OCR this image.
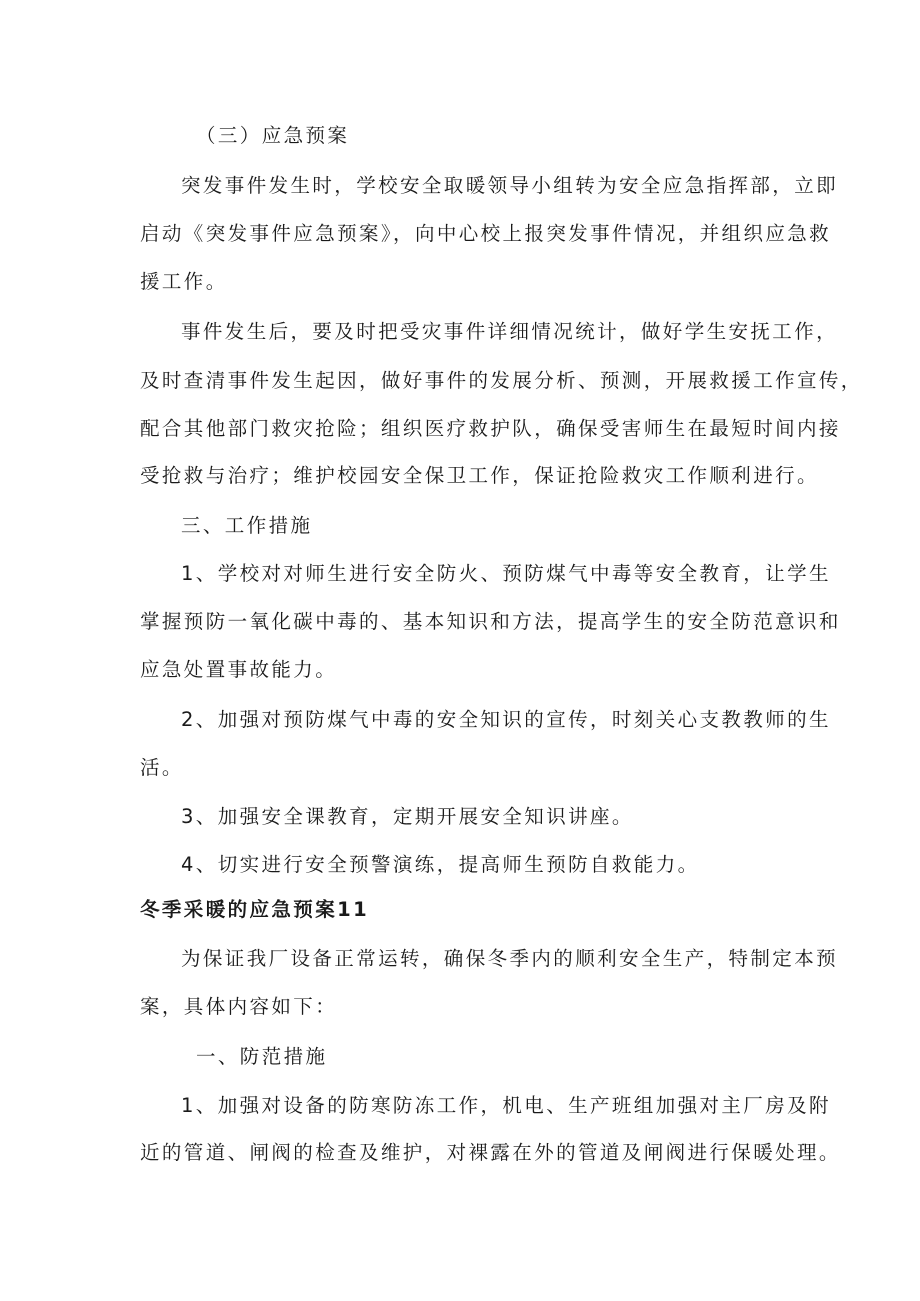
（三）应急预案
突发事件发生时，学校安全取暖领导小组转为安全应急指挥部，立即
启动《突发事件应急预案》，向中心校上报突发事件情况，并组织应急救
援工作。
事件发生后，要及时把受灾事件详细情况统计，做好学生安抚工作，
及时查清事件发生起因，做好事件的发展分析、预测，开展救援工作宣传，
配合其他部门救灾抢险；组织医疗救护队，确保受害师生在最短时间内接
受抢救与治疗；维护校园安全保卫工作，保证抢险救灾工作顺利进行。
三、工作措施
1、学校对对师生进行安全防火、预防煤气中毒等安全教育，让学生
掌握预防一氧化碳中毒的、基本知识和方法，提高学生的安全防范意识和
应急处置事故能力。
2、加强对预防煤气中毒的安全知识的宣传，时刻关心支教教师的生
活。
3、加强安全课教育，定期开展安全知识讲座。
4、切实进行安全预警演练，提高师生预防自救能力。
冬季采暖的应急预案11
为保证我厂设备正常运转，确保冬季内的顺利安全生产，特制定本预
案，具体内容如下：
一、防范措施
1、加强对设备的防寒防冻工作，机电、生产班组加强对主厂房及附
近的管道、闸阀的检查及维护，对裸露在外的管道及闸阀进行保暖处理。
